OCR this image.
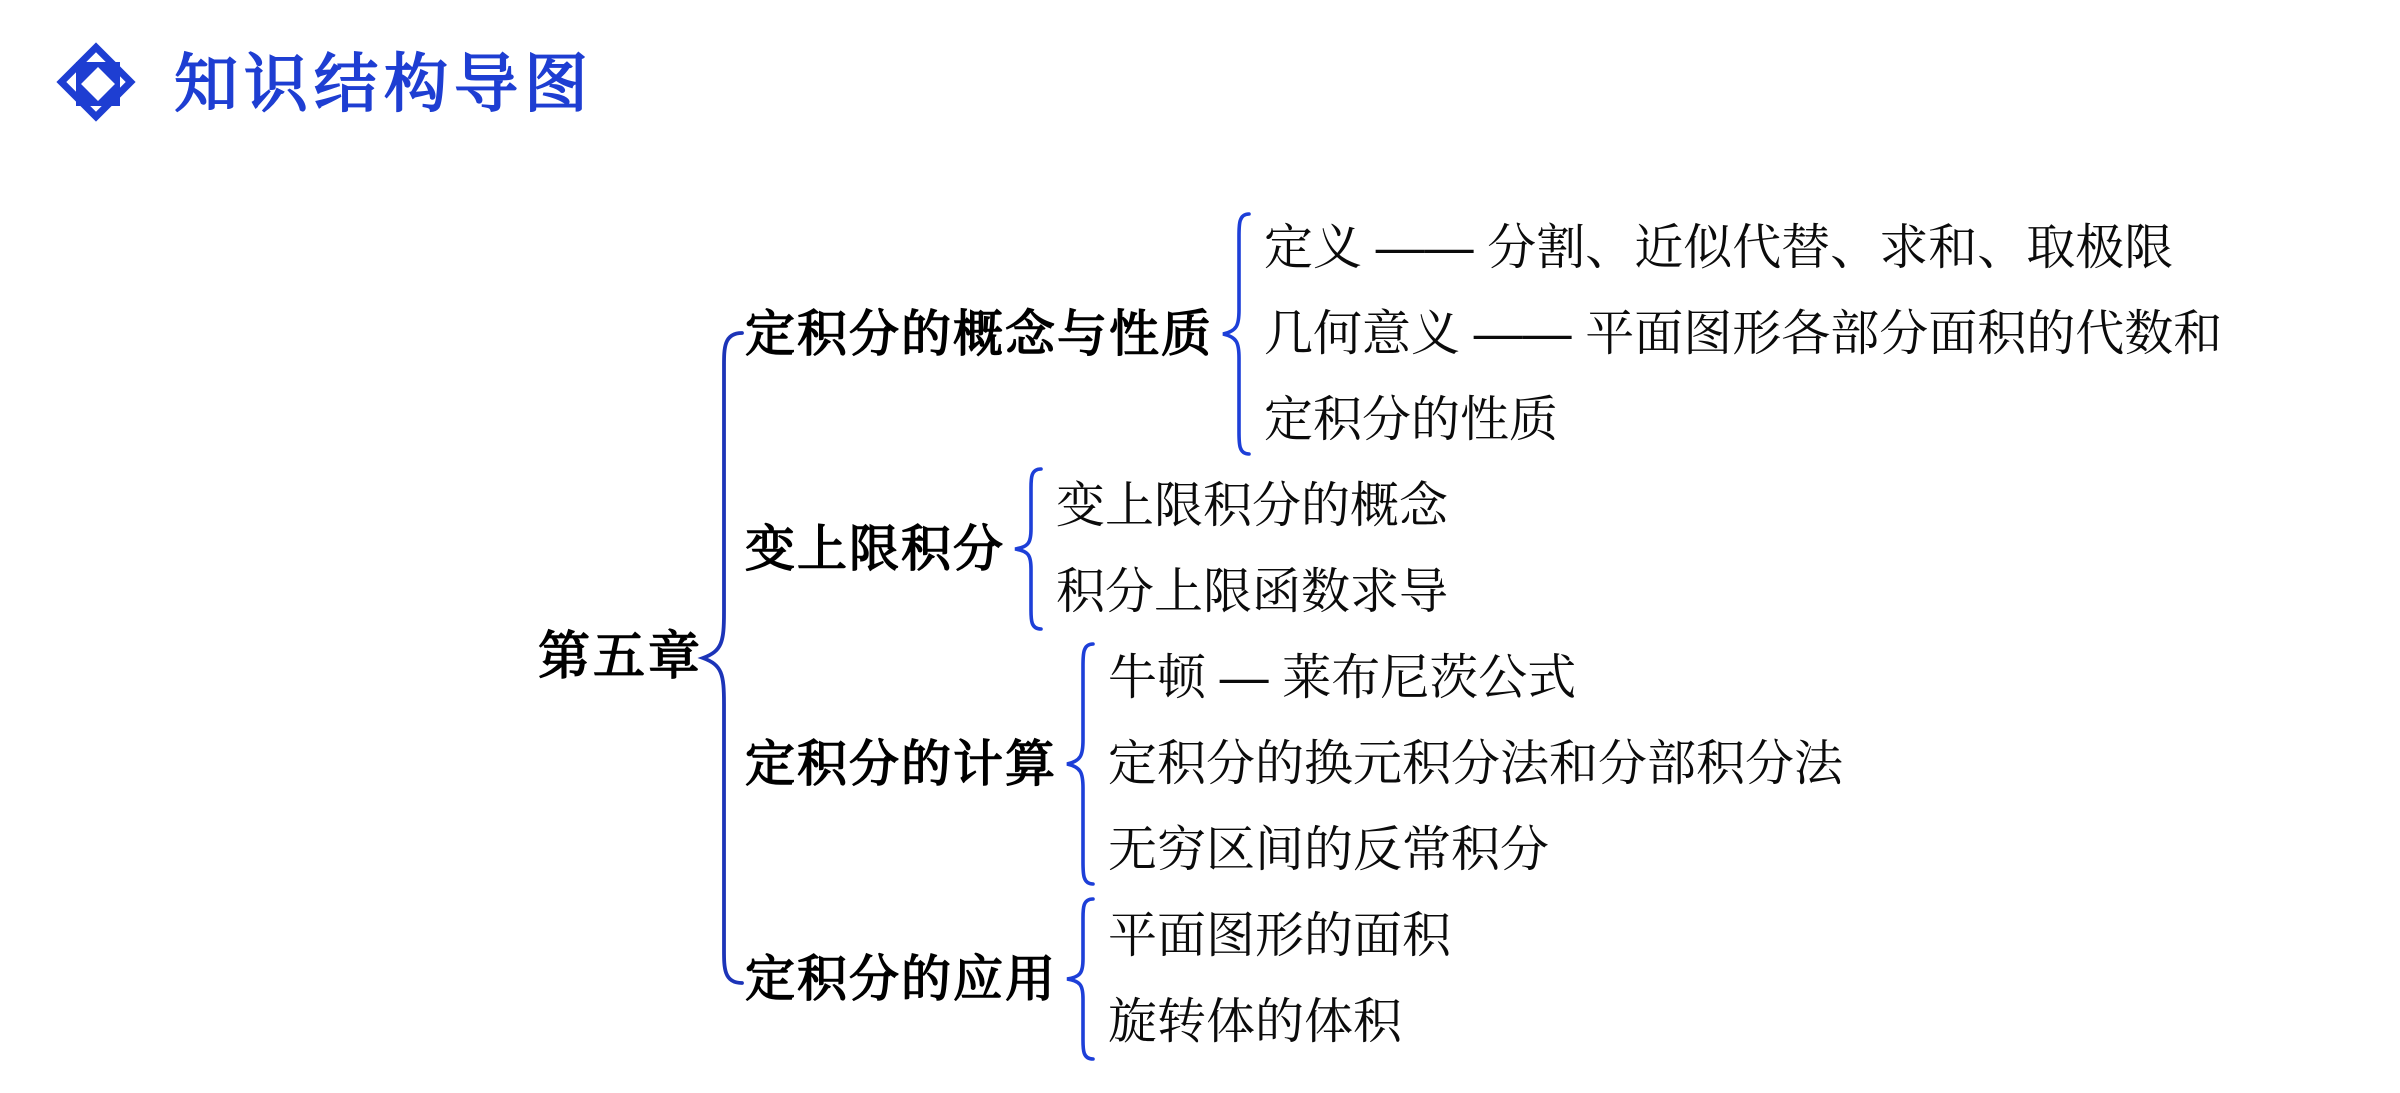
知识结构导图
第五章
定积分的概念与性质
定义 —— 分割、近似代替、求和、取极限
几何意义 —— 平面图形各部分面积的代数和
定积分的性质
变上限积分
变上限积分的概念
积分上限函数求导
定积分的计算
牛顿 — 莱布尼茨公式
定积分的换元积分法和分部积分法
无穷区间的反常积分
定积分的应用
平面图形的面积
旋转体的体积
